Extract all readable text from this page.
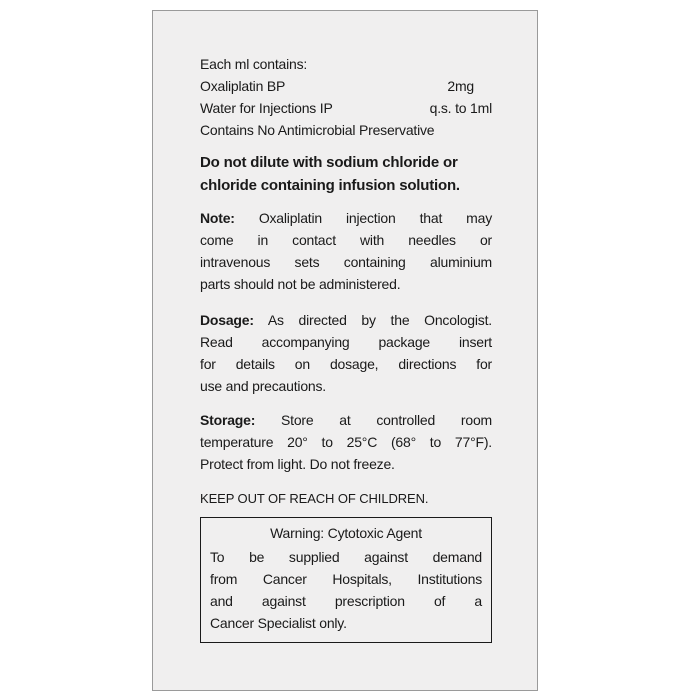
Each ml contains:
Oxaliplatin BP	2mg
Water for Injections IP	q.s. to 1ml
Contains No Antimicrobial Preservative
Do not dilute with sodium chloride or
chloride containing infusion solution.
Note: Oxaliplatin injection that may
come in contact with needles or
intravenous sets containing aluminium
parts should not be administered.
Dosage: As directed by the Oncologist.
Read accompanying package insert
for details on dosage, directions for
use and precautions.
Storage: Store at controlled room
temperature 20° to 25°C (68° to 77°F).
Protect from light. Do not freeze.
KEEP OUT OF REACH OF CHILDREN.
Warning: Cytotoxic Agent
To be supplied against demand
from Cancer Hospitals, Institutions
and against prescription of a
Cancer Specialist only.
